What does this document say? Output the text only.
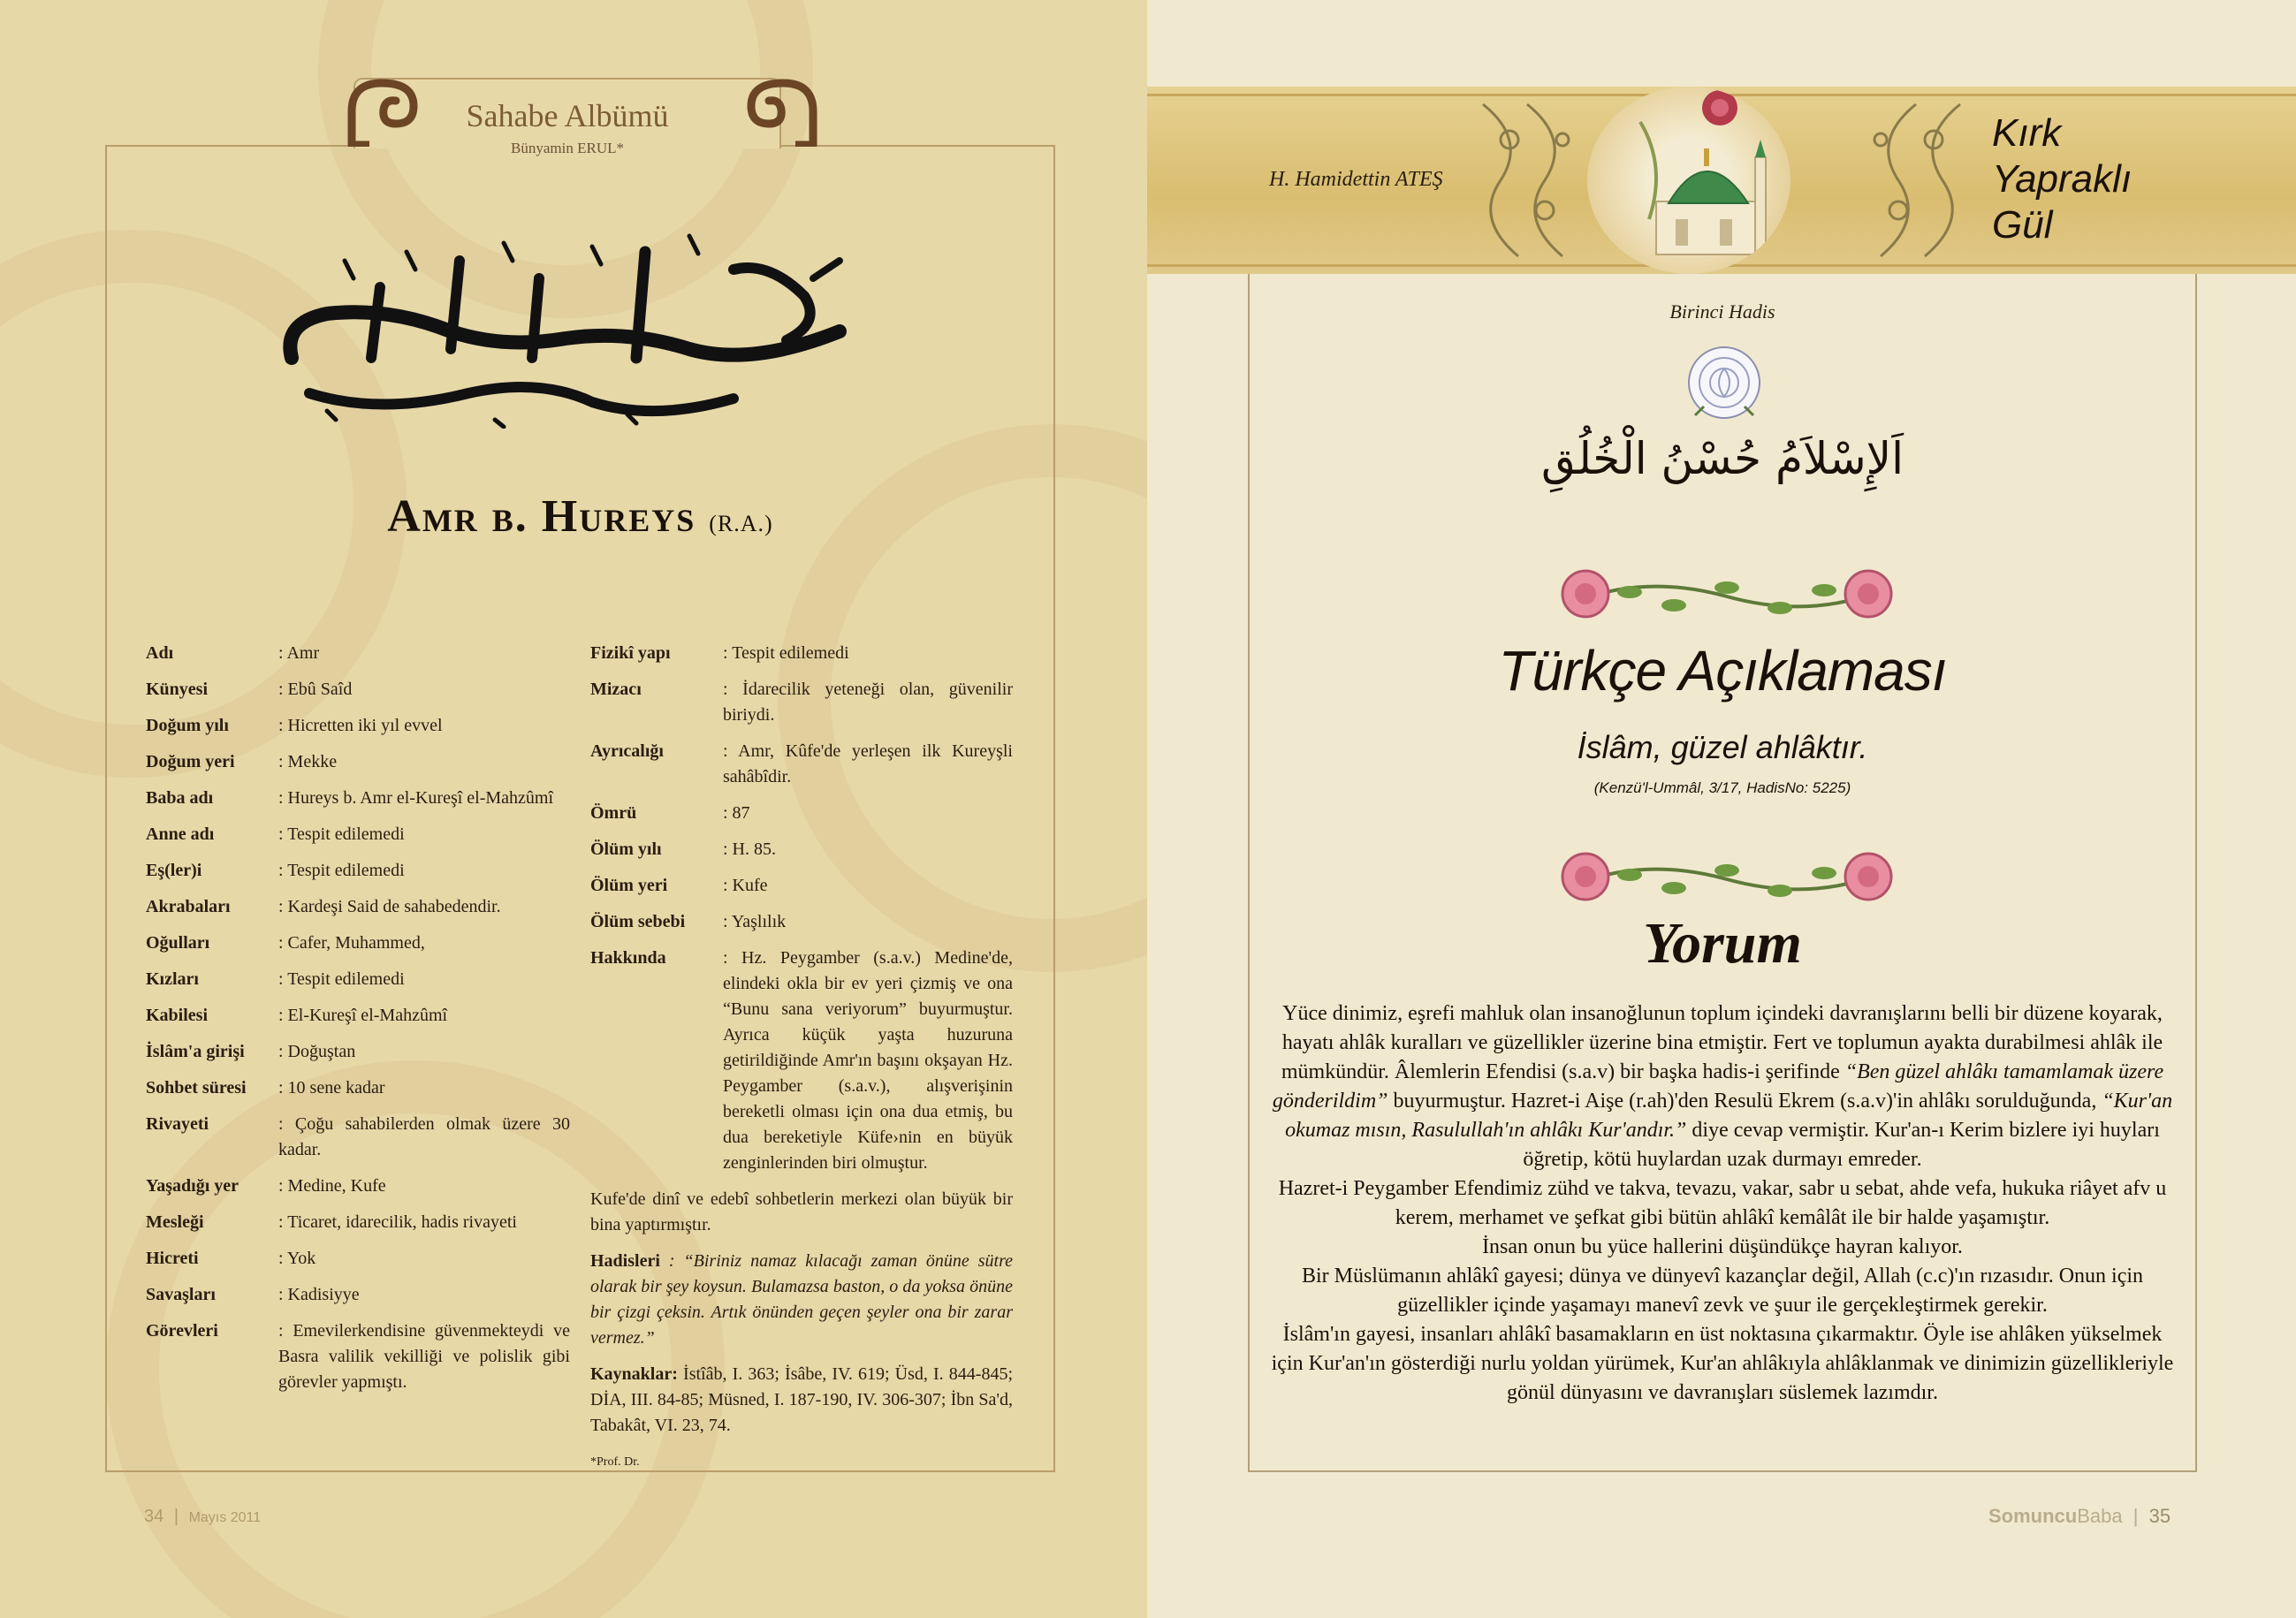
Sahabe Albümü
Bünyamin ERUL*
Amr b. Hureys (R.A.)
Adı	: Amr
Künyesi	: Ebû Saîd
Doğum yılı	: Hicretten iki yıl evvel
Doğum yeri	: Mekke
Baba adı	: Hureys b. Amr el-Kureşî el-Mahzûmî
Anne adı	: Tespit edilemedi
Eş(ler)i	: Tespit edilemedi
Akrabaları	: Kardeşi Said de sahabedendir.
Oğulları	: Cafer, Muhammed,
Kızları	: Tespit edilemedi
Kabilesi	: El-Kureşî el-Mahzûmî
İslâm'a girişi	: Doğuştan
Sohbet süresi	: 10 sene kadar
Rivayeti	: Çoğu sahabilerden olmak üzere 30 kadar.
Yaşadığı yer	: Medine, Kufe
Mesleği	: Ticaret, idarecilik, hadis rivayeti
Hicreti	: Yok
Savaşları	: Kadisiyye
Görevleri	: Emevilerkendisine güvenmekteydi ve Basra valilik vekilliği ve polislik gibi görevler yapmıştı.
Fizikî yapı	: Tespit edilemedi
Mizacı	: İdarecilik yeteneği olan, güvenilir biriydi.
Ayrıcalığı	: Amr, Kûfe'de yerleşen ilk Kureyşli sahâbîdir.
Ömrü	: 87
Ölüm yılı	: H. 85.
Ölüm yeri	: Kufe
Ölüm sebebi	: Yaşlılık
Hakkında	: Hz. Peygamber (s.a.v.) Medine'de, elindeki okla bir ev yeri çizmiş ve ona “Bunu sana veriyorum” buyurmuştur. Ayrıca küçük yaşta huzuruna getirildiğinde Amr'ın başını okşayan Hz. Peygamber (s.a.v.), alışverişinin bereketli olması için ona dua etmiş, bu dua bereketiyle Küfe›nin en büyük zenginlerinden biri olmuştur.
Kufe'de dinî ve edebî sohbetlerin merkezi olan büyük bir bina yaptırmıştır.
Hadisleri : “Biriniz namaz kılacağı zaman önüne sütre olarak bir şey koysun. Bulamazsa baston, o da yoksa önüne bir çizgi çeksin. Artık önünden geçen şeyler ona bir zarar vermez.”
Kaynaklar: İstîâb, I. 363; İsâbe, IV. 619; Üsd, I. 844-845; DİA, III. 84-85; Müsned, I. 187-190, IV. 306-307; İbn Sa'd, Tabakât, VI. 23, 74.
*Prof. Dr.
34 | Mayıs 2011
H. Hamidettin ATEŞ
Kırk
Yapraklı
Gül
Birinci Hadis
اَلإِسْلاَمُ حُسْنُ الْخُلُقِ
Türkçe Açıklaması
İslâm, güzel ahlâktır.
(Kenzü'l-Ummâl, 3/17, HadisNo: 5225)
Yorum

Yüce dinimiz, eşrefi mahluk olan insanoğlunun toplum içindeki davranışlarını belli bir düzene koyarak, hayatı ahlâk kuralları ve güzellikler üzerine bina etmiştir. Fert ve toplumun ayakta durabilmesi ahlâk ile mümkündür. Âlemlerin Efendisi (s.a.v) bir başka hadis-i şerifinde “Ben güzel ahlâkı tamamlamak üzere gönderildim” buyurmuştur. Hazret-i Aişe (r.ah)'den Resulü Ekrem (s.a.v)'in ahlâkı sorulduğunda, “Kur'an okumaz mısın, Rasulullah'ın ahlâkı Kur'andır.” diye cevap vermiştir. Kur'an-ı Kerim bizlere iyi huyları öğretip, kötü huylardan uzak durmayı emreder.

Hazret-i Peygamber Efendimiz zühd ve takva, tevazu, vakar, sabr u sebat, ahde vefa, hukuka riâyet afv u kerem, merhamet ve şefkat gibi bütün ahlâkî kemâlât ile bir halde yaşamıştır.

İnsan onun bu yüce hallerini düşündükçe hayran kalıyor.

Bir Müslümanın ahlâkî gayesi; dünya ve dünyevî kazançlar değil, Allah (c.c)'ın rızasıdır. Onun için güzellikler içinde yaşamayı manevî zevk ve şuur ile gerçekleştirmek gerekir.

İslâm'ın gayesi, insanları ahlâkî basamakların en üst noktasına çıkarmaktır. Öyle ise ahlâken yükselmek için Kur'an'ın gösterdiği nurlu yoldan yürümek, Kur'an ahlâkıyla ahlâklanmak ve dinimizin güzellikleriyle gönül dünyasını ve davranışları süslemek lazımdır.

SomuncuBaba | 35
